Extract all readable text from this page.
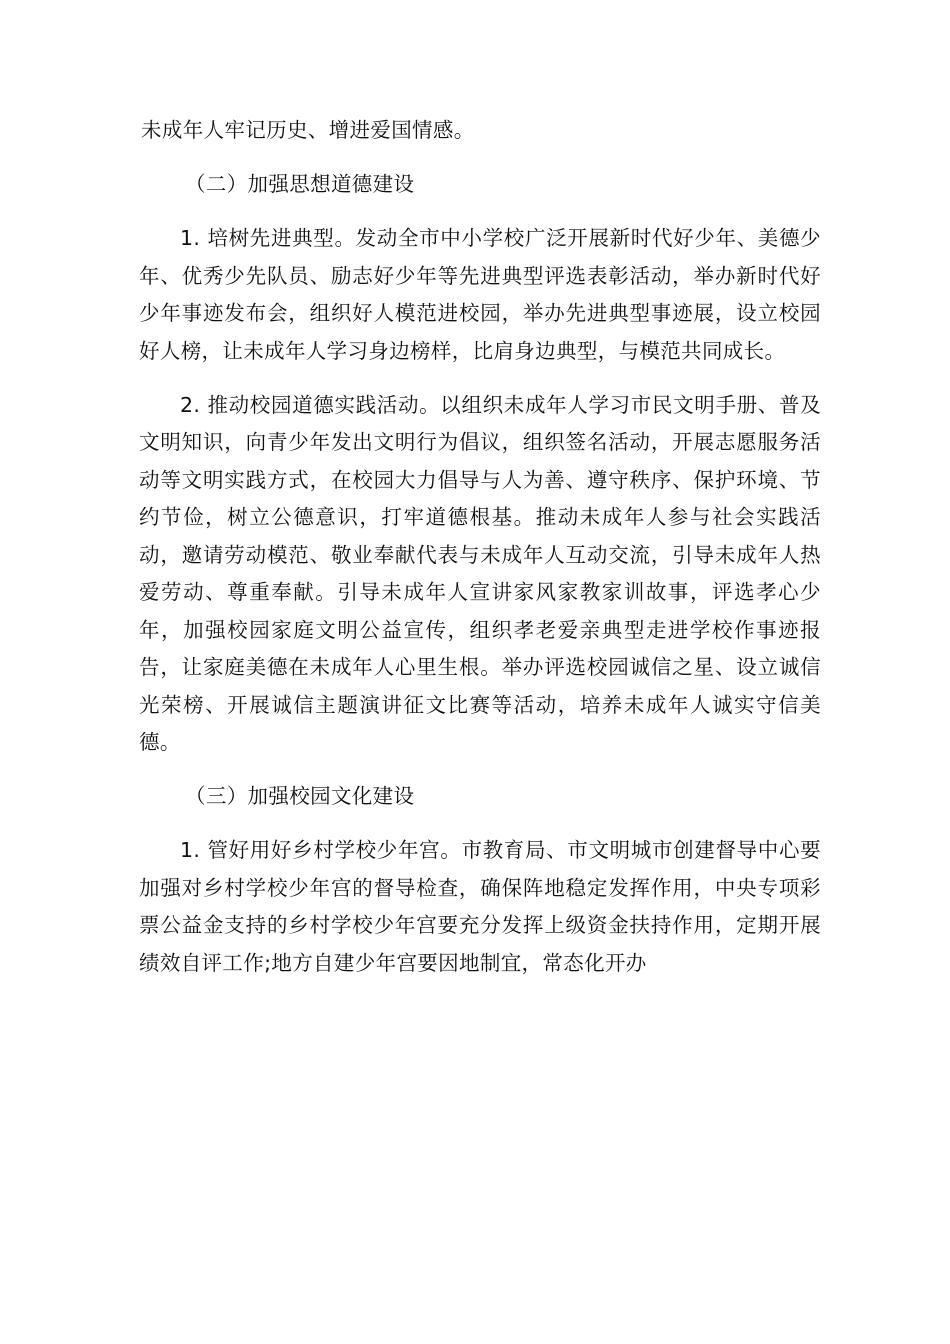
未成年人牢记历史、增进爱国情感。

（二）加强思想道德建设

1. 培树先进典型。发动全市中小学校广泛开展新时代好少年、美德少年、优秀少先队员、励志好少年等先进典型评选表彰活动，举办新时代好少年事迹发布会，组织好人模范进校园，举办先进典型事迹展，设立校园好人榜，让未成年人学习身边榜样，比肩身边典型，与模范共同成长。

2. 推动校园道德实践活动。以组织未成年人学习市民文明手册、普及文明知识，向青少年发出文明行为倡议，组织签名活动，开展志愿服务活动等文明实践方式，在校园大力倡导与人为善、遵守秩序、保护环境、节约节俭，树立公德意识，打牢道德根基。推动未成年人参与社会实践活动，邀请劳动模范、敬业奉献代表与未成年人互动交流，引导未成年人热爱劳动、尊重奉献。引导未成年人宣讲家风家教家训故事，评选孝心少年，加强校园家庭文明公益宣传，组织孝老爱亲典型走进学校作事迹报告，让家庭美德在未成年人心里生根。举办评选校园诚信之星、设立诚信光荣榜、开展诚信主题演讲征文比赛等活动，培养未成年人诚实守信美德。

（三）加强校园文化建设

1. 管好用好乡村学校少年宫。市教育局、市文明城市创建督导中心要加强对乡村学校少年宫的督导检查，确保阵地稳定发挥作用，中央专项彩票公益金支持的乡村学校少年宫要充分发挥上级资金扶持作用，定期开展绩效自评工作;地方自建少年宫要因地制宜，常态化开办
